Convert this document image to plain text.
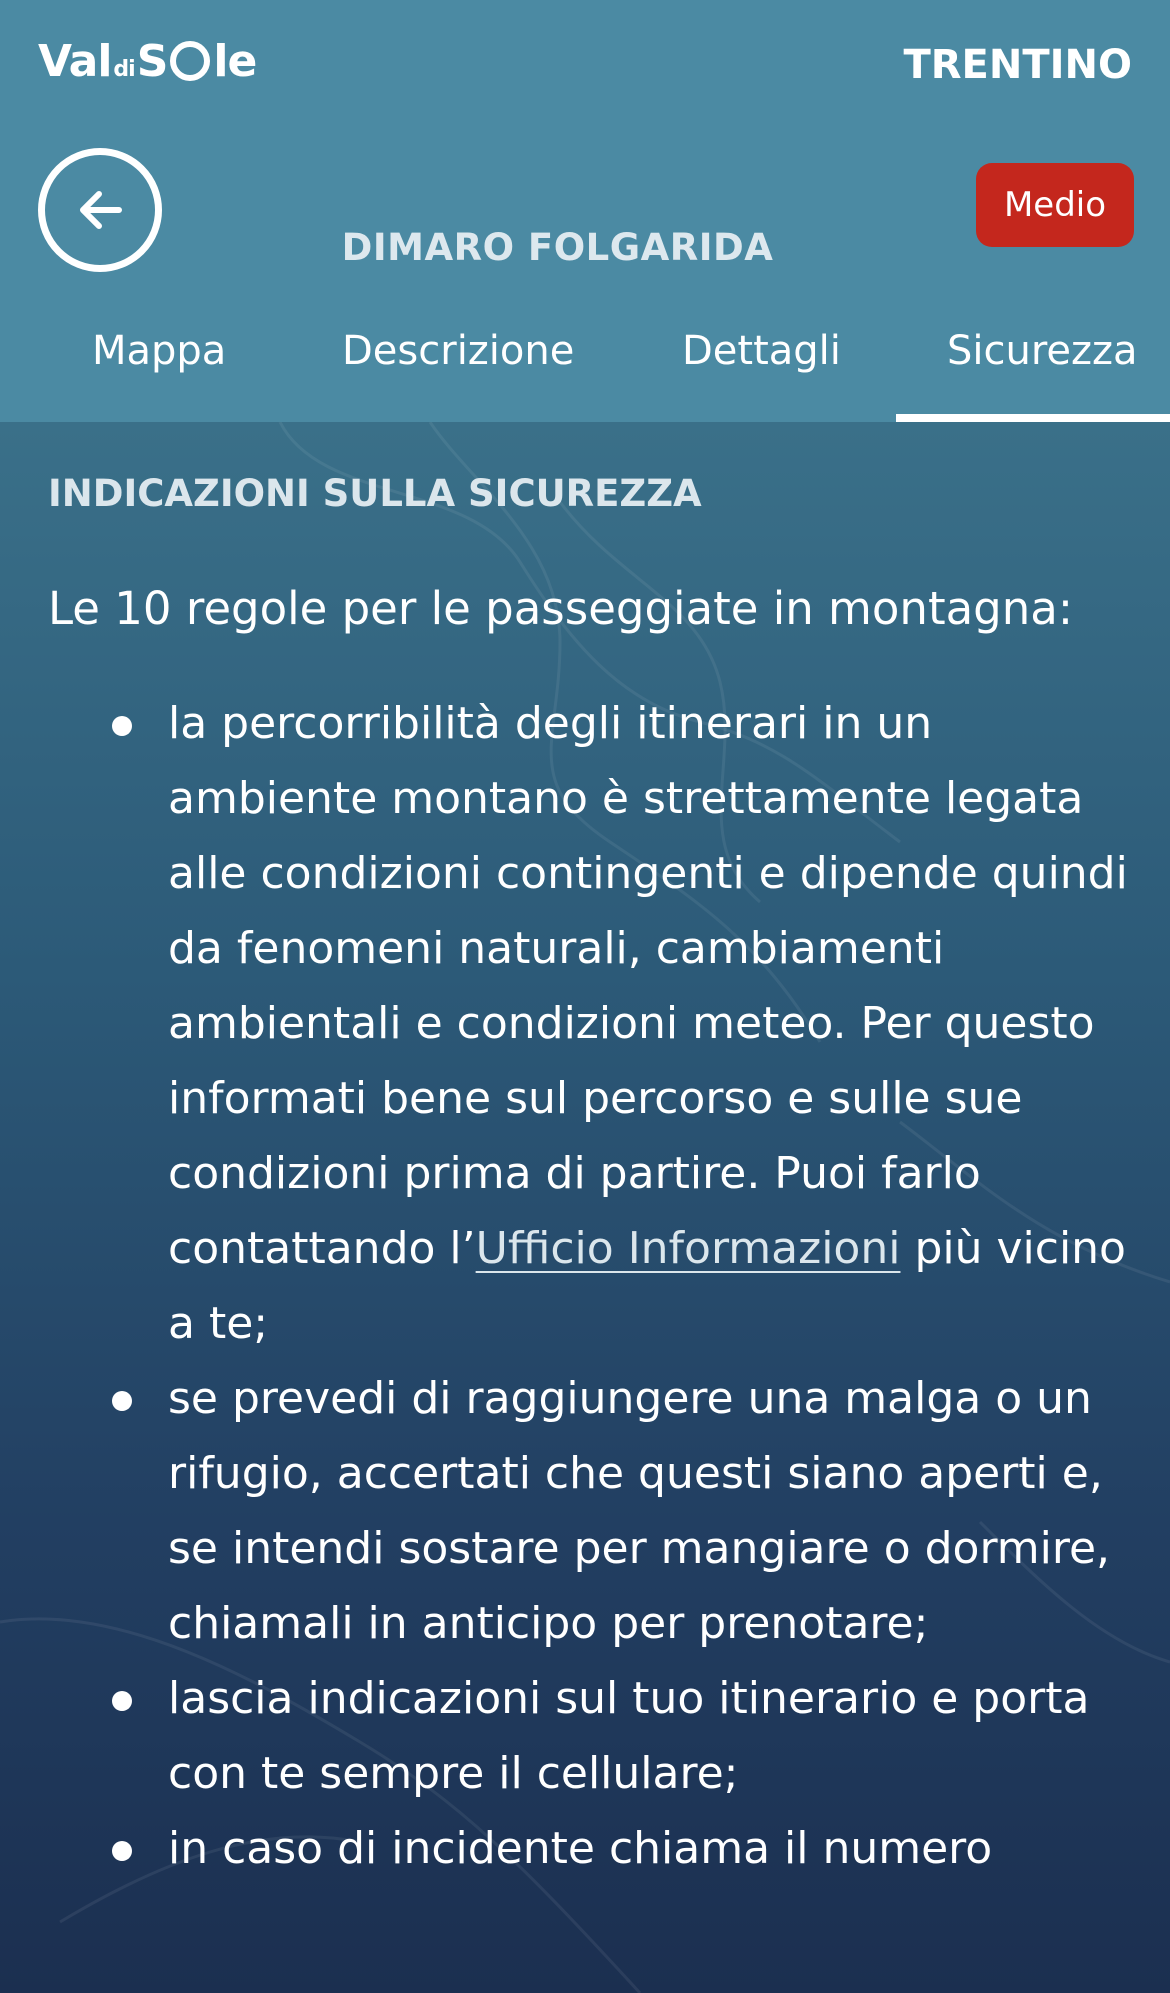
Val di S le	TRENTINO
Medio
DIMARO FOLGARIDA
Mappa	Descrizione	Dettagli	Sicurezza
INDICAZIONI SULLA SICUREZZA
Le 10 regole per le passeggiate in montagna:
la percorribilità degli itinerari in un ambiente montano è strettamente legata alle condizioni contingenti e dipende quindi da fenomeni naturali, cambiamenti ambientali e condizioni meteo. Per questo informati bene sul percorso e sulle sue condizioni prima di partire. Puoi farlo contattando l’Ufficio Informazioni più vicino a te;
se prevedi di raggiungere una malga o un rifugio, accertati che questi siano aperti e, se intendi sostare per mangiare o dormire, chiamali in anticipo per prenotare;
lascia indicazioni sul tuo itinerario e porta con te sempre il cellulare;
in caso di incidente chiama il numero
